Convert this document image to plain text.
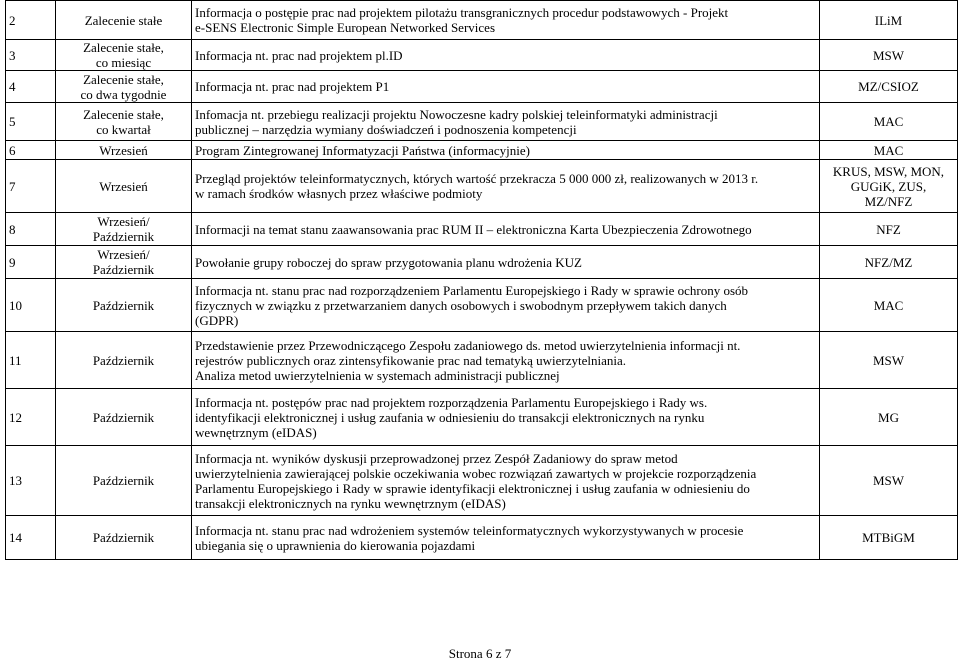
2	Zalecenie stałe	Informacja o postępie prac nad projektem pilotażu transgranicznych procedur podstawowych - Projekt
e-SENS Electronic Simple European Networked Services	ILiM

3	Zalecenie stałe,
co miesiąc	Informacja nt. prac nad projektem pl.ID	MSW

4	Zalecenie stałe,
co dwa tygodnie	Informacja nt. prac nad projektem P1	MZ/CSIOZ

5	Zalecenie stałe,
co kwartał	Infomacja nt. przebiegu realizacji projektu Nowoczesne kadry polskiej teleinformatyki administracji
publicznej – narzędzia wymiany doświadczeń i podnoszenia kompetencji	MAC

6	Wrzesień	Program Zintegrowanej Informatyzacji Państwa (informacyjnie)	MAC

7	Wrzesień	Przegląd projektów teleinformatycznych, których wartość przekracza 5 000 000 zł, realizowanych w 2013 r.
w ramach środków własnych przez właściwe podmioty	KRUS, MSW, MON,
GUGiK, ZUS,
MZ/NFZ

8	Wrzesień/
Październik	Informacji na temat stanu zaawansowania prac RUM II – elektroniczna Karta Ubezpieczenia Zdrowotnego	NFZ

9	Wrzesień/
Październik	Powołanie grupy roboczej do spraw przygotowania planu wdrożenia KUZ	NFZ/MZ

10	Październik	Informacja nt. stanu prac nad rozporządzeniem Parlamentu Europejskiego i Rady w sprawie ochrony osób
fizycznych w związku z przetwarzaniem danych osobowych i swobodnym przepływem takich danych
(GDPR)	MAC

11	Październik	Przedstawienie przez Przewodniczącego Zespołu zadaniowego ds. metod uwierzytelnienia informacji nt.
rejestrów publicznych oraz zintensyfikowanie prac nad tematyką uwierzytelniania.
Analiza metod uwierzytelnienia w systemach administracji publicznej	MSW

12	Październik	Informacja nt. postępów prac nad projektem rozporządzenia Parlamentu Europejskiego i Rady ws.
identyfikacji elektronicznej i usług zaufania w odniesieniu do transakcji elektronicznych na rynku
wewnętrznym (eIDAS)	MG

13	Październik	Informacja nt. wyników dyskusji przeprowadzonej przez Zespół Zadaniowy do spraw metod
uwierzytelnienia zawierającej polskie oczekiwania wobec rozwiązań zawartych w projekcie rozporządzenia
Parlamentu Europejskiego i Rady w sprawie identyfikacji elektronicznej i usług zaufania w odniesieniu do
transakcji elektronicznych na rynku wewnętrznym (eIDAS)	MSW

14	Październik	Informacja nt. stanu prac nad wdrożeniem systemów teleinformatycznych wykorzystywanych w procesie
ubiegania się o uprawnienia do kierowania pojazdami	MTBiGM
Strona 6 z 7
